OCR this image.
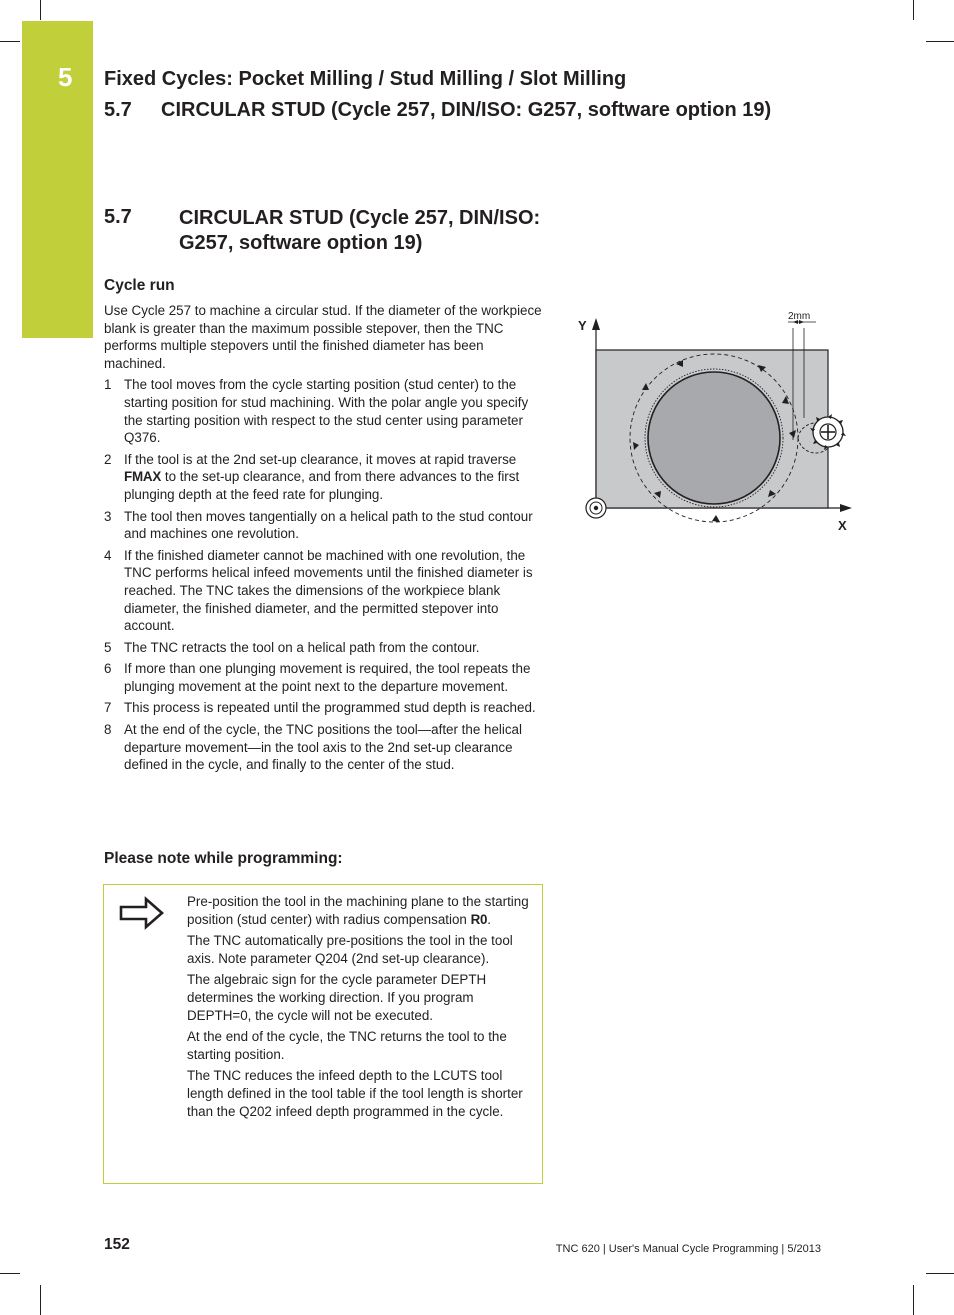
5 Fixed Cycles: Pocket Milling / Stud Milling / Slot Milling
5.7 CIRCULAR STUD (Cycle 257, DIN/ISO: G257, software option 19)
5.7 CIRCULAR STUD (Cycle 257, DIN/ISO: G257, software option 19)
Cycle run

Use Cycle 257 to machine a circular stud. If the diameter of the workpiece blank is greater than the maximum possible stepover, then the TNC performs multiple stepovers until the finished diameter has been machined.

1 The tool moves from the cycle starting position (stud center) to the starting position for stud machining. With the polar angle you specify the starting position with respect to the stud center using parameter Q376.
2 If the tool is at the 2nd set-up clearance, it moves at rapid traverse FMAX to the set-up clearance, and from there advances to the first plunging depth at the feed rate for plunging.
3 The tool then moves tangentially on a helical path to the stud contour and machines one revolution.
4 If the finished diameter cannot be machined with one revolution, the TNC performs helical infeed movements until the finished diameter is reached. The TNC takes the dimensions of the workpiece blank diameter, the finished diameter, and the permitted stepover into account.
5 The TNC retracts the tool on a helical path from the contour.
6 If more than one plunging movement is required, the tool repeats the plunging movement at the point next to the departure movement.
7 This process is repeated until the programmed stud depth is reached.
8 At the end of the cycle, the TNC positions the tool—after the helical departure movement—in the tool axis to the 2nd set-up clearance defined in the cycle, and finally to the center of the stud.
Please note while programming:

Pre-position the tool in the machining plane to the starting position (stud center) with radius compensation R0.

The TNC automatically pre-positions the tool in the tool axis. Note parameter Q204 (2nd set-up clearance).

The algebraic sign for the cycle parameter DEPTH determines the working direction. If you program DEPTH=0, the cycle will not be executed.

At the end of the cycle, the TNC returns the tool to the starting position.

The TNC reduces the infeed depth to the LCUTS tool length defined in the tool table if the tool length is shorter than the Q202 infeed depth programmed in the cycle.

Y
X
2mm
152	TNC 620 | User's Manual Cycle Programming | 5/2013
